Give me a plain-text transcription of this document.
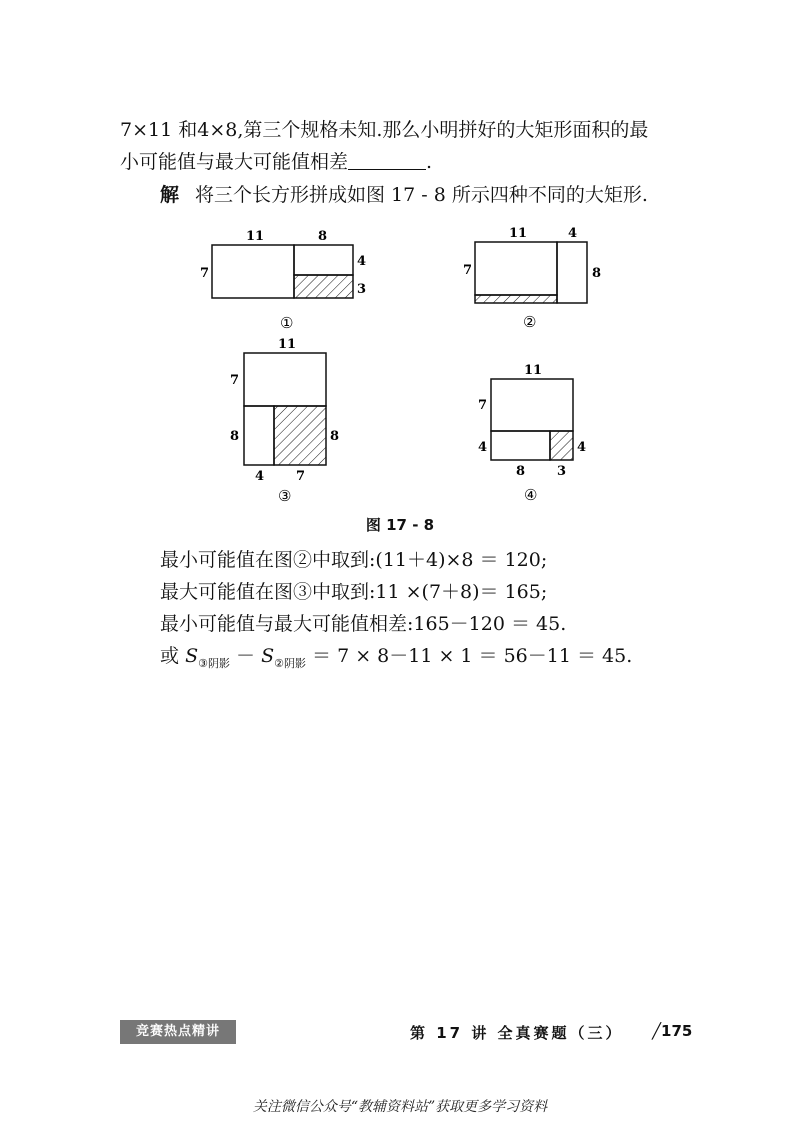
7×11 和4×8,第三个规格未知.那么小明拼好的大矩形面积的最
小可能值与最大可能值相差	.
解 将三个长方形拼成如图 17 - 8 所示四种不同的大矩形.
11	8
7
4
3
①
11	4
7	8
②
11
7
8	8
4 7
③
11
7
4	4
8 3
④
图 17 - 8
最小可能值在图②中取到:(11＋4)×8 ＝ 120;
最大可能值在图③中取到:11 ×(7＋8)＝ 165;
最小可能值与最大可能值相差:165－120 ＝ 45.
或 $S_{③阴影} - S_{②阴影} = 7 \times 8-11 \times 1 = 56-11 = 45$.
竞赛热点精讲	第 17 讲 全真赛题（三） ╱175
关注微信公众号“教辅资料站”获取更多学习资料
